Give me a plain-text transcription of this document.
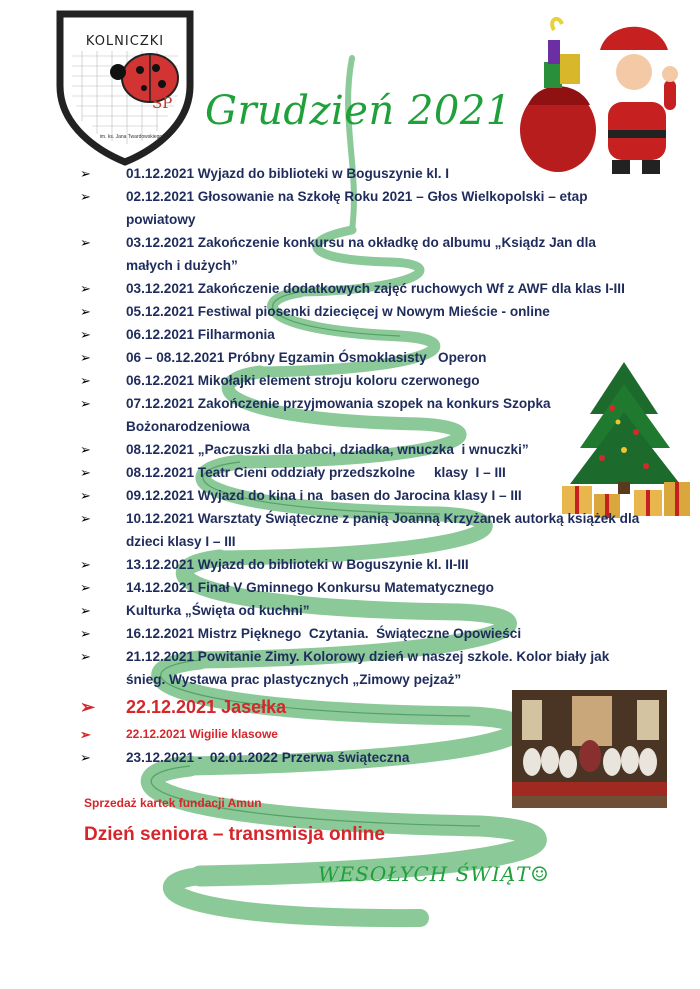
KOLNICZKI
SP
im. ks. Jana Twardowskiego
Grudzień 2021
➢	01.12.2021 Wyjazd do biblioteki w Boguszynie kl. I
➢	02.12.2021 Głosowanie na Szkołę Roku 2021 – Głos Wielkopolski – etap powiatowy
➢	03.12.2021 Zakończenie konkursu na okładkę do albumu „Ksiądz Jan dla małych i dużych”
➢	03.12.2021 Zakończenie dodatkowych zajęć ruchowych Wf z AWF dla klas I-III
➢	05.12.2021 Festiwal piosenki dziecięcej w Nowym Mieście - online
➢	06.12.2021 Filharmonia
➢	06 – 08.12.2021 Próbny Egzamin Ósmoklasisty   Operon
➢	06.12.2021 Mikołajki element stroju koloru czerwonego
➢	07.12.2021 Zakończenie przyjmowania szopek na konkurs Szopka Bożonarodzeniowa
➢	08.12.2021 „Paczuszki dla babci, dziadka, wnuczka  i wnuczki”
➢	08.12.2021 Teatr Cieni oddziały przedszkolne     klasy  I – III
➢	09.12.2021 Wyjazd do kina i na  basen do Jarocina klasy I – III
➢	10.12.2021 Warsztaty Świąteczne z panią Joanną Krzyżanek autorką książek dla dzieci klasy I – III
➢	13.12.2021 Wyjazd do biblioteki w Boguszynie kl. II-III
➢	14.12.2021 Finał V Gminnego Konkursu Matematycznego
➢	Kulturka „Święta od kuchni”
➢	16.12.2021 Mistrz Pięknego  Czytania.  Świąteczne Opowieści
➢	21.12.2021 Powitanie Zimy. Kolorowy dzień w naszej szkole. Kolor biały jak śnieg. Wystawa prac plastycznych „Zimowy pejzaż”
➢ 22.12.2021 Jasełka
➢	22.12.2021 Wigilie klasowe
➢	23.12.2021 -  02.01.2022 Przerwa świąteczna
Sprzedaż kartek fundacji Amun
Dzień seniora – transmisja online
WESOŁYCH ŚWIĄT☺
